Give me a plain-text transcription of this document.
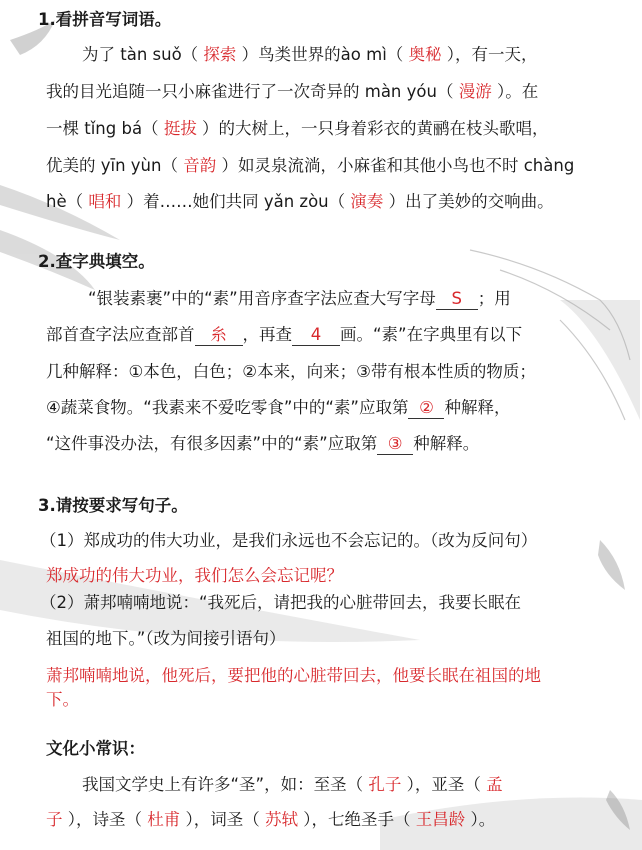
1.看拼音写词语。
为了 tàn suǒ（ 探索 ）鸟类世界的ào mì（ 奥秘 ），有一天，
我的目光追随一只小麻雀进行了一次奇异的 màn yóu（ 漫游 ）。在
一棵 tǐng bá（ 挺拔 ）的大树上，一只身着彩衣的黄鹂在枝头歌唱，
优美的 yīn yùn（ 音韵 ）如灵泉流淌，小麻雀和其他小鸟也不时 chàng
hè（ 唱和 ）着……她们共同 yǎn zòu（ 演奏 ）出了美妙的交响曲。
2.查字典填空。
“银装素裹”中的“素”用音序查字法应查大写字母 S ；用
部首查字法应查部首 糸 ，再查 4 画。“素”在字典里有以下
几种解释：①本色，白色；②本来，向来；③带有根本性质的物质；
④蔬菜食物。“我素来不爱吃零食”中的“素”应取第 ② 种解释，
“这件事没办法，有很多因素”中的“素”应取第 ③ 种解释。
3.请按要求写句子。
（1）郑成功的伟大功业，是我们永远也不会忘记的。（改为反问句）
郑成功的伟大功业，我们怎么会忘记呢？
（2）萧邦喃喃地说：“我死后，请把我的心脏带回去，我要长眠在
祖国的地下。”（改为间接引语句）
萧邦喃喃地说，他死后，要把他的心脏带回去，他要长眠在祖国的地
下。
文化小常识：
我国文学史上有许多“圣”，如：至圣（ 孔子 ），亚圣（ 孟
子 ），诗圣（ 杜甫 ），词圣（ 苏轼 ），七绝圣手（ 王昌龄 ）。
